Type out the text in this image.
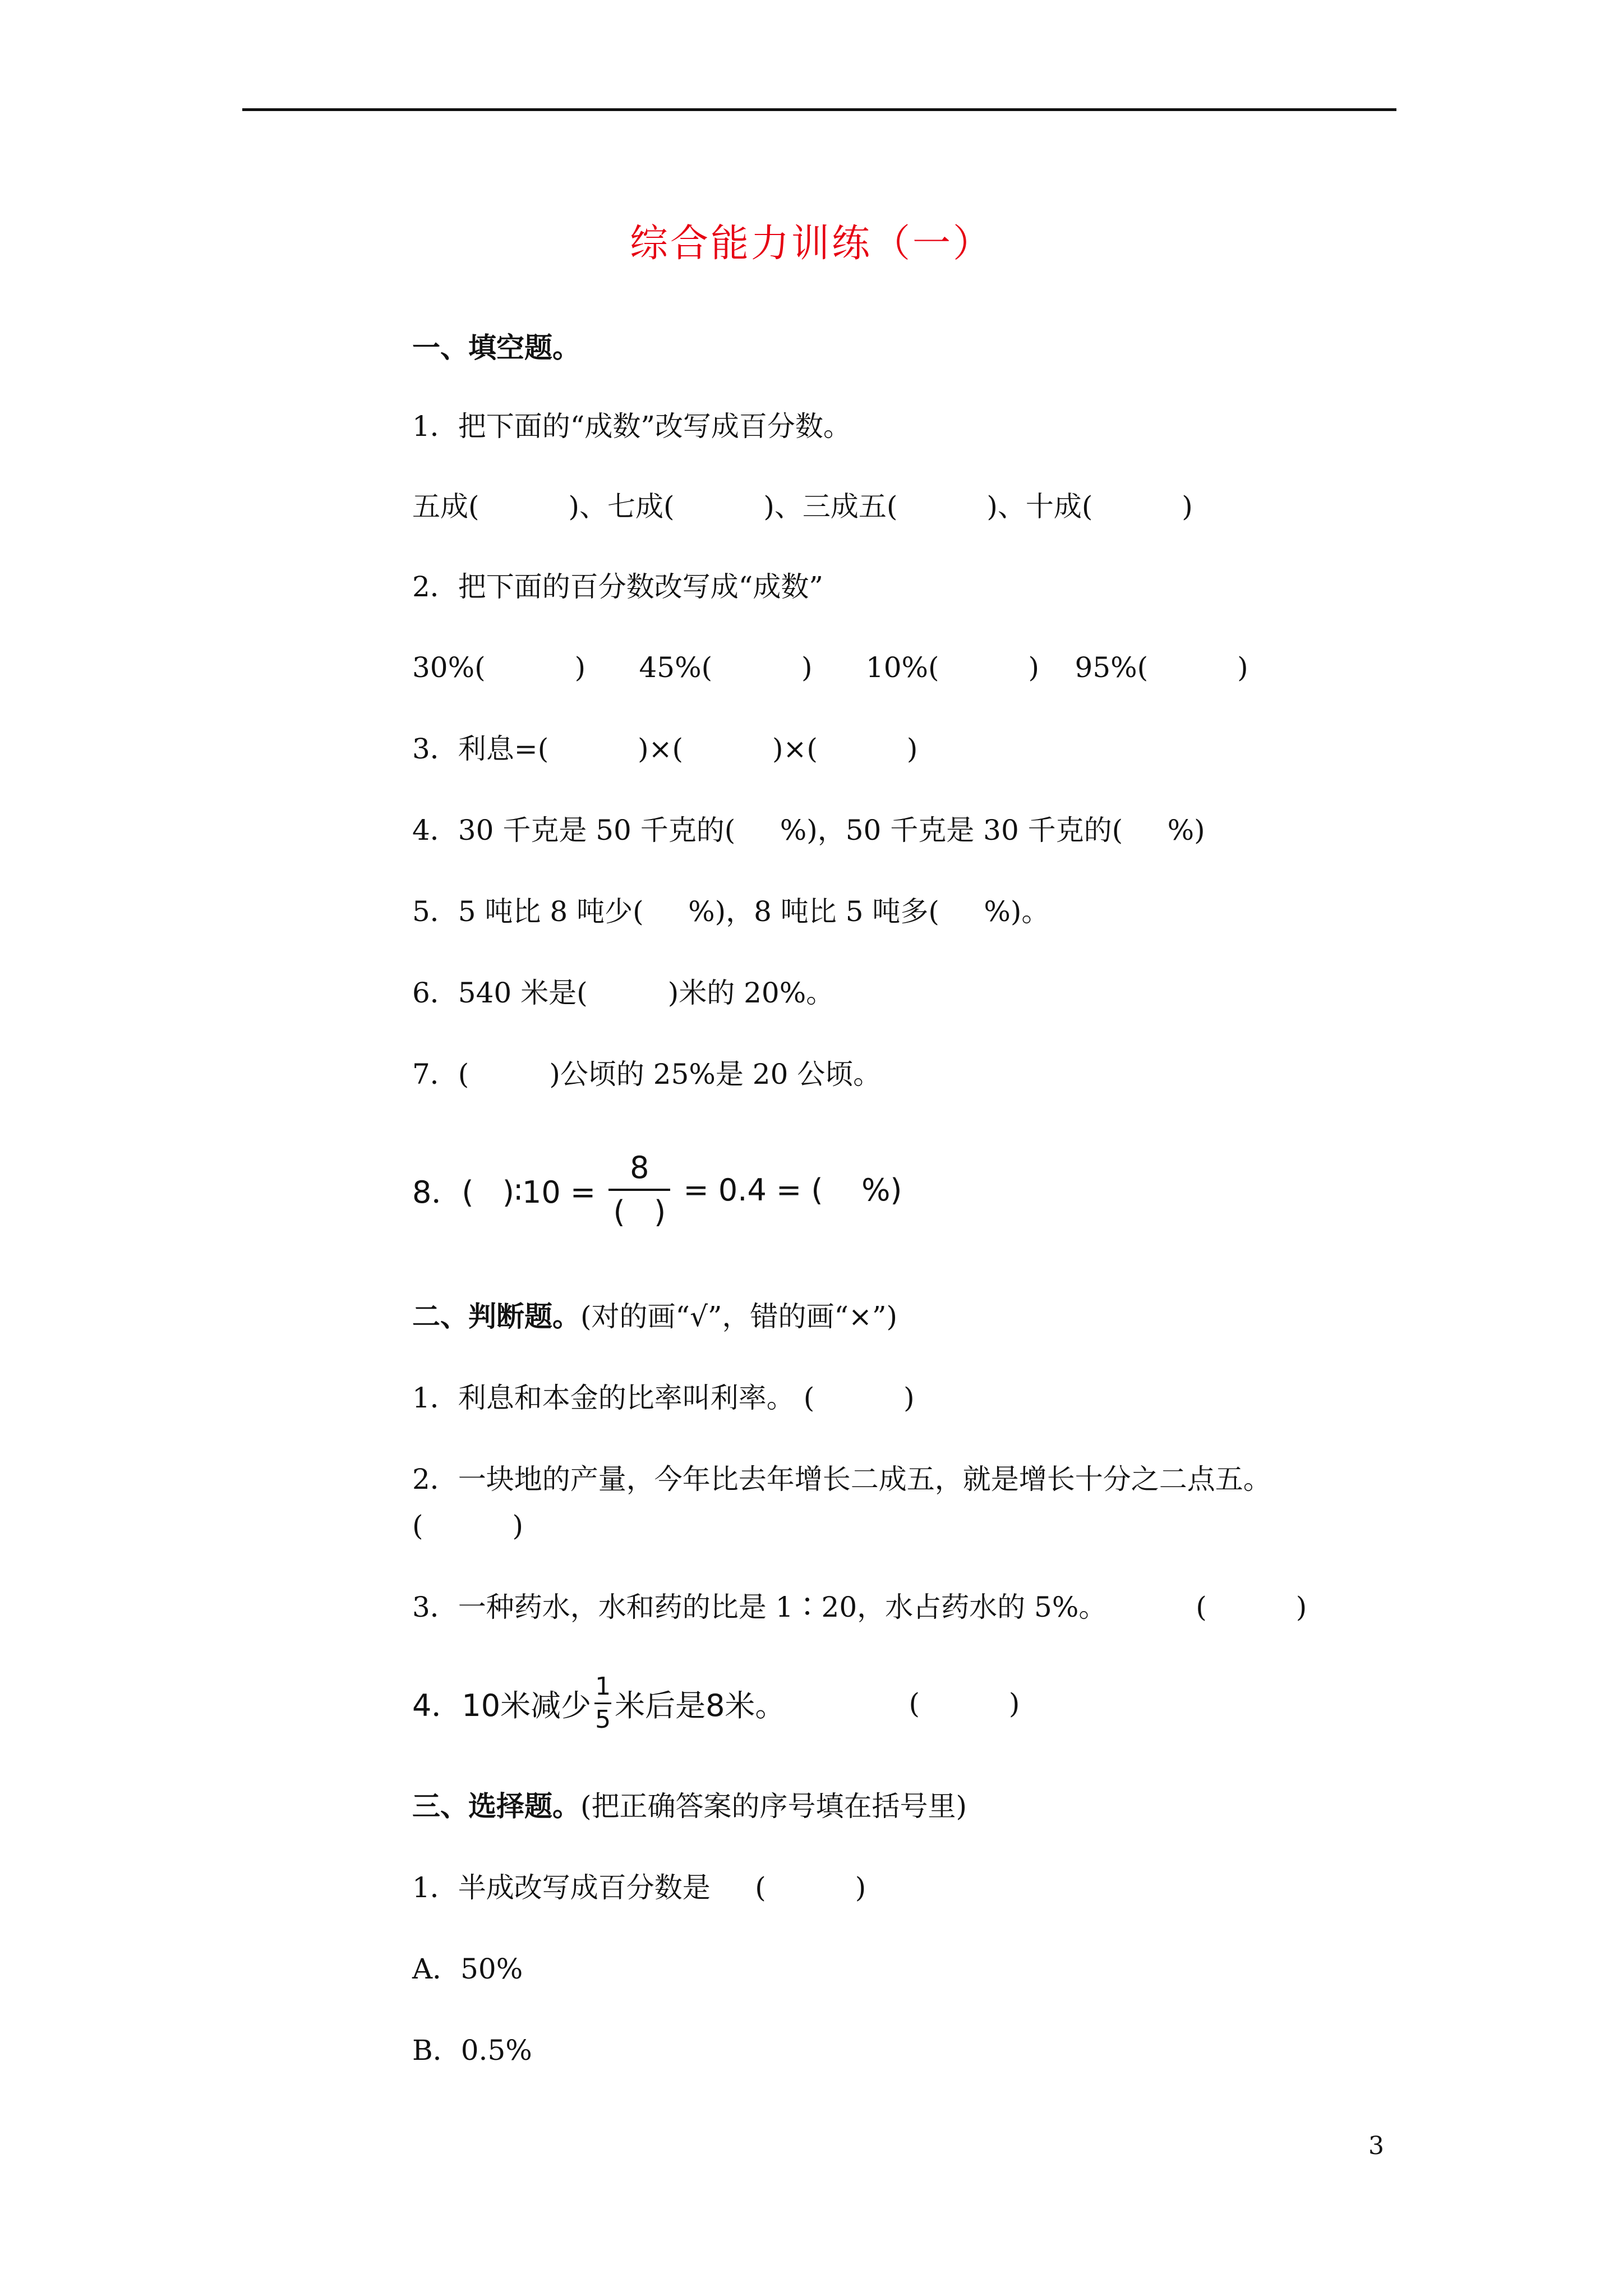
综合能力训练（一）
一、填空题。
1．把下面的“成数”改写成百分数。
五成(          )、七成(          )、三成五(          )、十成(          )
2．把下面的百分数改写成“成数”
30%(          )      45%(          )      10%(          )    95%(          )
3．利息=(          )×(          )×(          )
4．30 千克是 50 千克的(     %)，50 千克是 30 千克的(     %)
5．5 吨比 8 吨少(     %)，8 吨比 5 吨多(     %)。
6．540 米是(         )米的 20%。
7．(         )公顷的 25%是 20 公顷。
8．(   )∶10 = $\frac{8}{( )} = 0.4$ = (    %)
二、判断题。(对的画“√”，错的画“×”)
1．利息和本金的比率叫利率。 (          )
2．一块地的产量，今年比去年增长二成五，就是增长十分之二点五。
(          )
3．一种药水，水和药的比是 1∶20，水占药水的 5%。          (          )
4．10米减少 $\frac{1}{5}$ 米后是8米。	(          )
三、选择题。(把正确答案的序号填在括号里)
1．半成改写成百分数是     (          )
A．50%
B．0.5%
3
